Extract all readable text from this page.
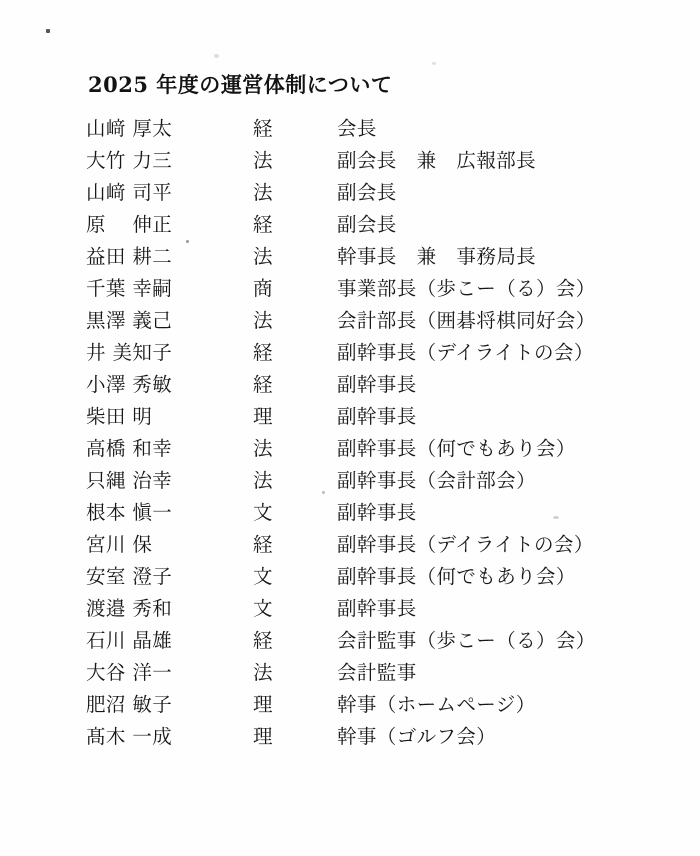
2025 年度の運営体制について
山﨑 厚太	経	会長
大竹 力三	法	副会長　兼　広報部長
山﨑 司平	法	副会長
原　 伸正	経	副会長
益田 耕二	法	幹事長　兼　事務局長
千葉 幸嗣	商	事業部長（歩こー（る）会）
黒澤 義己	法	会計部長（囲碁将棋同好会）
井 美知子	経	副幹事長（デイライトの会）
小澤 秀敏	経	副幹事長
柴田 明	理	副幹事長
高橋 和幸	法	副幹事長（何でもあり会）
只縄 治幸	法	副幹事長（会計部会）
根本 愼一	文	副幹事長
宮川 保	経	副幹事長（デイライトの会）
安室 澄子	文	副幹事長（何でもあり会）
渡邉 秀和	文	副幹事長
石川 晶雄	経	会計監事（歩こー（る）会）
大谷 洋一	法	会計監事
肥沼 敏子	理	幹事（ホームページ）
髙木 一成	理	幹事（ゴルフ会）
